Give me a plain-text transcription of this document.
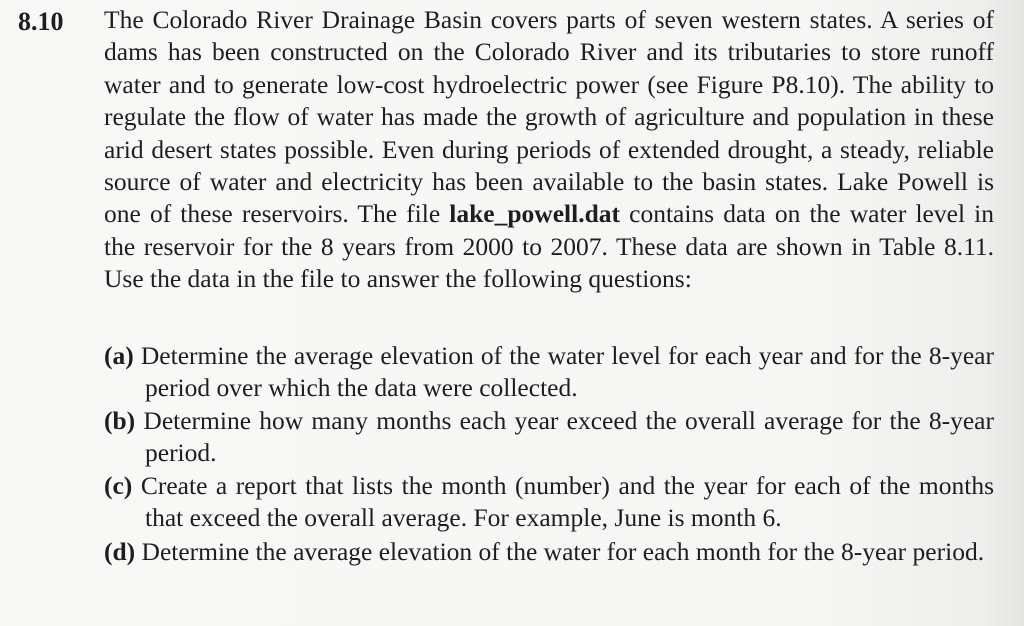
8.10 The Colorado River Drainage Basin covers parts of seven western states. A series of dams has been constructed on the Colorado River and its tributaries to store runoff water and to generate low-cost hydroelectric power (see Figure P8.10). The ability to regulate the flow of water has made the growth of agriculture and population in these arid desert states possible. Even during periods of extended drought, a steady, reliable source of water and electricity has been available to the basin states. Lake Powell is one of these reservoirs. The file lake_powell.dat contains data on the water level in the reservoir for the 8 years from 2000 to 2007. These data are shown in Table 8.11. Use the data in the file to answer the following questions:
(a) Determine the average elevation of the water level for each year and for the 8-year period over which the data were collected.
(b) Determine how many months each year exceed the overall average for the 8-year period.
(c) Create a report that lists the month (number) and the year for each of the months that exceed the overall average. For example, June is month 6.
(d) Determine the average elevation of the water for each month for the 8-year period.
